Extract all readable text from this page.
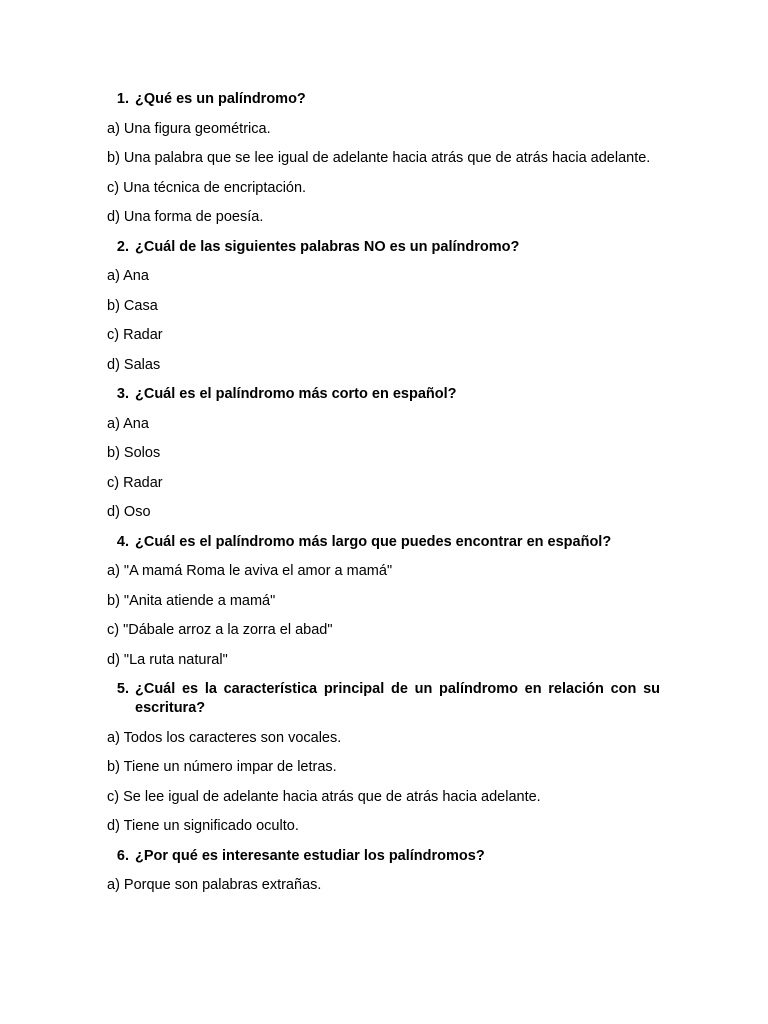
1. ¿Qué es un palíndromo?
a) Una figura geométrica.
b) Una palabra que se lee igual de adelante hacia atrás que de atrás hacia adelante.
c) Una técnica de encriptación.
d) Una forma de poesía.
2. ¿Cuál de las siguientes palabras NO es un palíndromo?
a) Ana
b) Casa
c) Radar
d) Salas
3. ¿Cuál es el palíndromo más corto en español?
a) Ana
b) Solos
c) Radar
d) Oso
4. ¿Cuál es el palíndromo más largo que puedes encontrar en español?
a) "A mamá Roma le aviva el amor a mamá"
b) "Anita atiende a mamá"
c) "Dábale arroz a la zorra el abad"
d) "La ruta natural"
5. ¿Cuál es la característica principal de un palíndromo en relación con su escritura?
a) Todos los caracteres son vocales.
b) Tiene un número impar de letras.
c) Se lee igual de adelante hacia atrás que de atrás hacia adelante.
d) Tiene un significado oculto.
6. ¿Por qué es interesante estudiar los palíndromos?
a) Porque son palabras extrañas.
